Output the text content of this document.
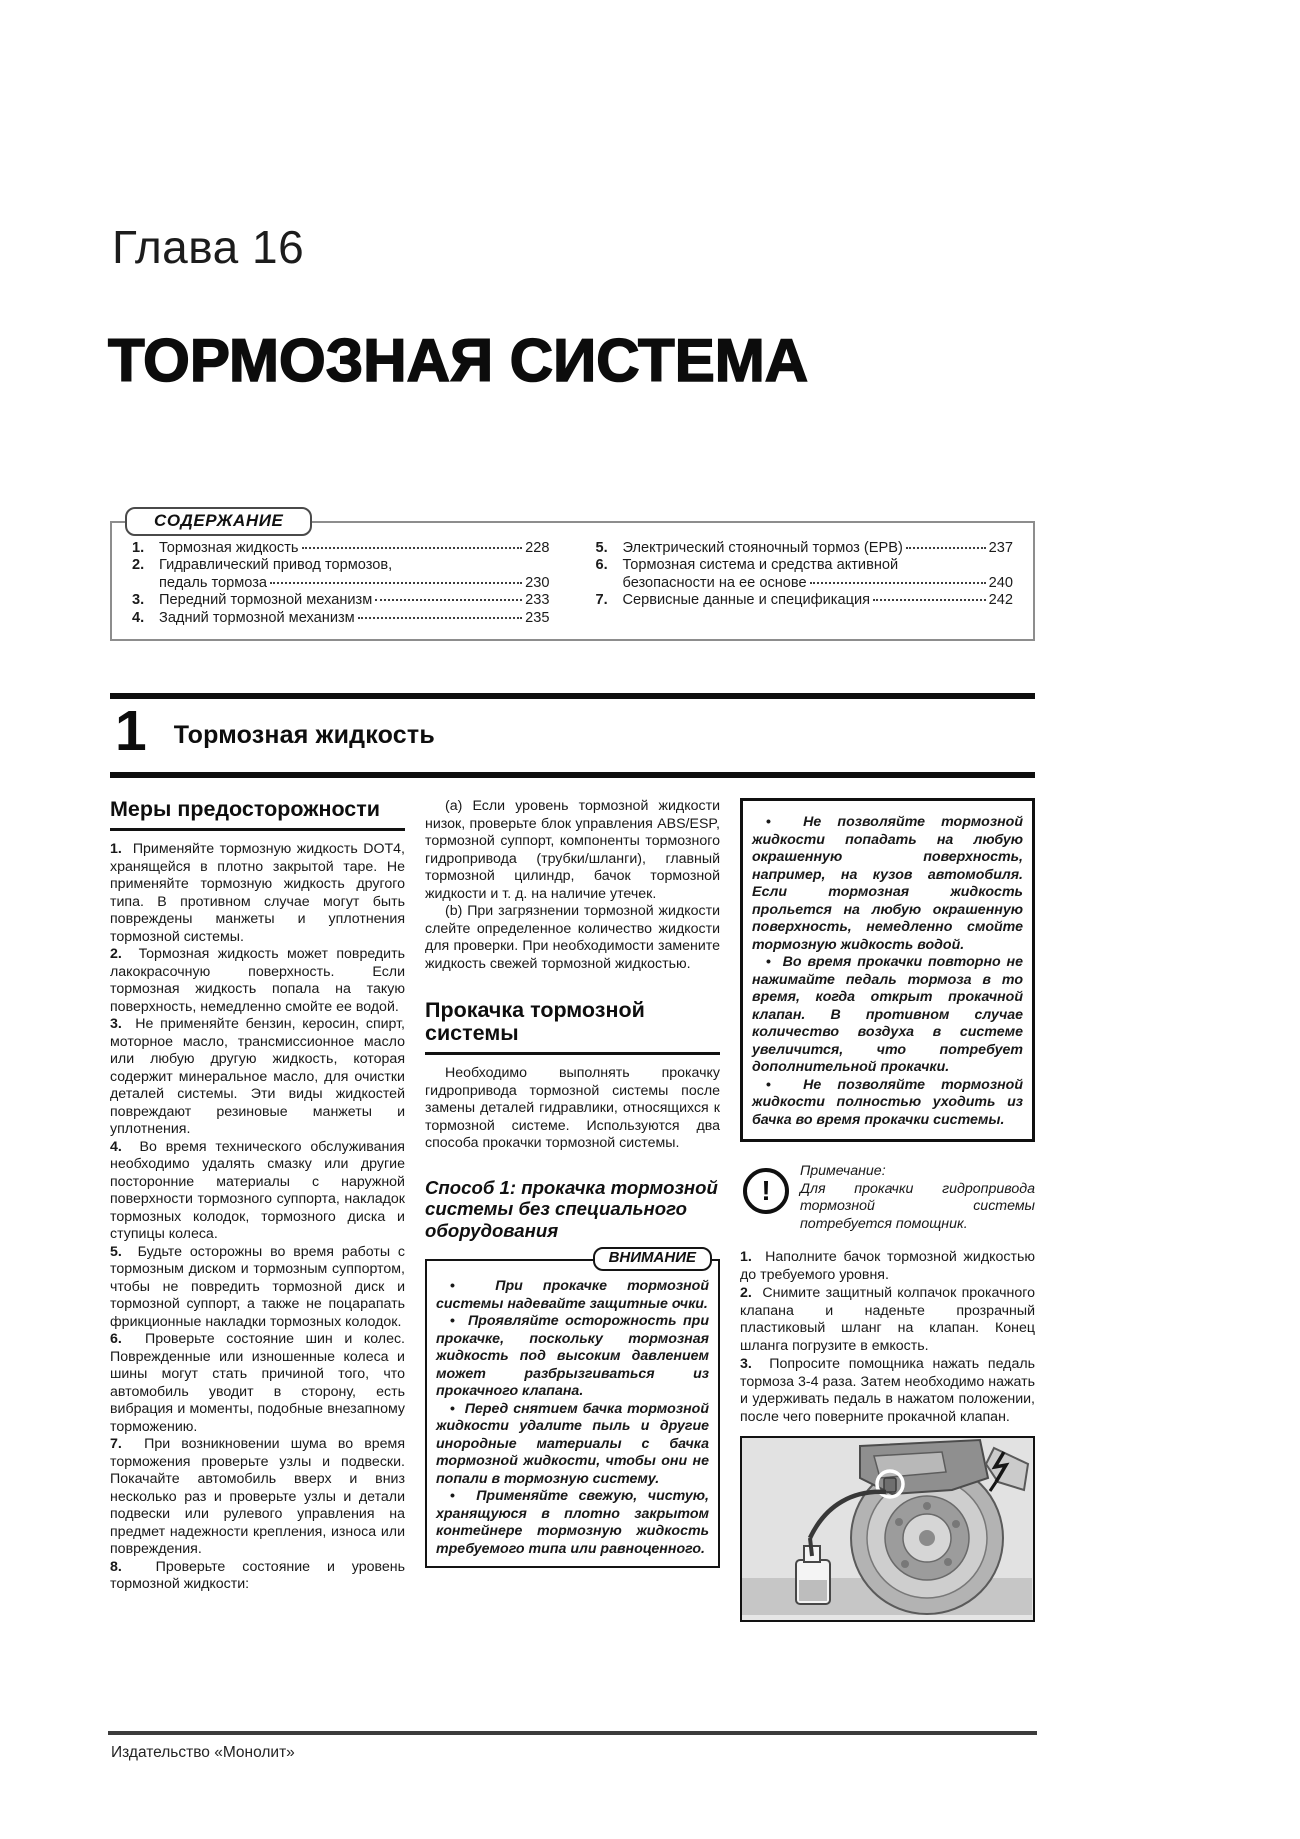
Глава 16
ТОРМОЗНАЯ СИСТЕМА
СОДЕРЖАНИЕ
1.	Тормозная жидкость	228
2.	Гидравлический привод тормозов,
педаль тормоза	230
3.	Передний тормозной механизм	233
4.	Задний тормозной механизм	235
5.	Электрический стояночный тормоз (EPB)	237
6.	Тормозная система и средства активной
безопасности на ее основе	240
7.	Сервисные данные и спецификация	242
1 Тормозная жидкость
Меры предосторожности

1.  Применяйте тормозную жидкость DOT4, хранящейся в плотно закрытой таре. Не применяйте тормозную жидкость другого типа. В противном случае могут быть повреждены манжеты и уплотнения тормозной системы.

2.  Тормозная жидкость может повредить лакокрасочную поверхность. Если тормозная жидкость попала на такую поверхность, немедленно смойте ее водой.

3.  Не применяйте бензин, керосин, спирт, моторное масло, трансмиссионное масло или любую другую жидкость, которая содержит минеральное масло, для очистки деталей системы. Эти виды жидкостей повреждают резиновые манжеты и уплотнения.

4.  Во время технического обслуживания необходимо удалять смазку или другие посторонние материалы с наружной поверхности тормозного суппорта, накладок тормозных колодок, тормозного диска и ступицы колеса.

5.  Будьте осторожны во время работы с тормозным диском и тормозным суппортом, чтобы не повредить тормозной диск и тормозной суппорт, а также не поцарапать фрикционные накладки тормозных колодок.

6.  Проверьте состояние шин и колес. Поврежденные или изношенные колеса и шины могут стать причиной того, что автомобиль уводит в сторону, есть вибрация и моменты, подобные внезапному торможению.

7.  При возникновении шума во время торможения проверьте узлы и подвески. Покачайте автомобиль вверх и вниз несколько раз и проверьте узлы и детали подвески или рулевого управления на предмет надежности крепления, износа или повреждения.

8.  Проверьте состояние и уровень тормозной жидкости:

(a) Если уровень тормозной жидкости низок, проверьте блок управления ABS/ESP, тормозной суппорт, компоненты тормозного гидропривода (трубки/шланги), главный тормозной цилиндр, бачок тормозной жидкости и т. д. на наличие утечек.

(b) При загрязнении тормозной жидкости слейте определенное количество жидкости для проверки. При необходимости замените жидкость свежей тормозной жидкостью.

Прокачка тормозной системы

Необходимо выполнять прокачку гидропривода тормозной системы после замены деталей гидравлики, относящихся к тормозной системе. Используются два способа прокачки тормозной системы.

Способ 1: прокачка тормозной системы без специального оборудования
ВНИМАНИЕ

•  При прокачке тормозной системы надевайте защитные очки.

•  Проявляйте осторожность при прокачке, поскольку тормозная жидкость под высоким давлением может разбрызгиваться из прокачного клапана.

•  Перед снятием бачка тормозной жидкости удалите пыль и другие инородные материалы с бачка тормозной жидкости, чтобы они не попали в тормозную систему.

•  Применяйте свежую, чистую, хранящуюся в плотно закрытом контейнере тормозную жидкость требуемого типа или равноценного.

•  Не позволяйте тормозной жидкости попадать на любую окрашенную поверхность, например, на кузов автомобиля. Если тормозная жидкость прольется на любую окрашенную поверхность, немедленно смойте тормозную жидкость водой.

•  Во время прокачки повторно не нажимайте педаль тормоза в то время, когда открыт прокачной клапан. В противном случае количество воздуха в системе увеличится, что потребует дополнительной прокачки.

•  Не позволяйте тормозной жидкости полностью уходить из бачка во время прокачки системы.

!
Примечание:
Для прокачки гидропривода тормозной системы потребуется помощник.

1.  Наполните бачок тормозной жидкостью до требуемого уровня.

2.  Снимите защитный колпачок прокачного клапана и наденьте прозрачный пластиковый шланг на клапан. Конец шланга погрузите в емкость.

3.  Попросите помощника нажать педаль тормоза 3-4 раза. Затем необходимо нажать и удерживать педаль в нажатом положении, после чего поверните прокачной клапан.

Издательство «Монолит»
